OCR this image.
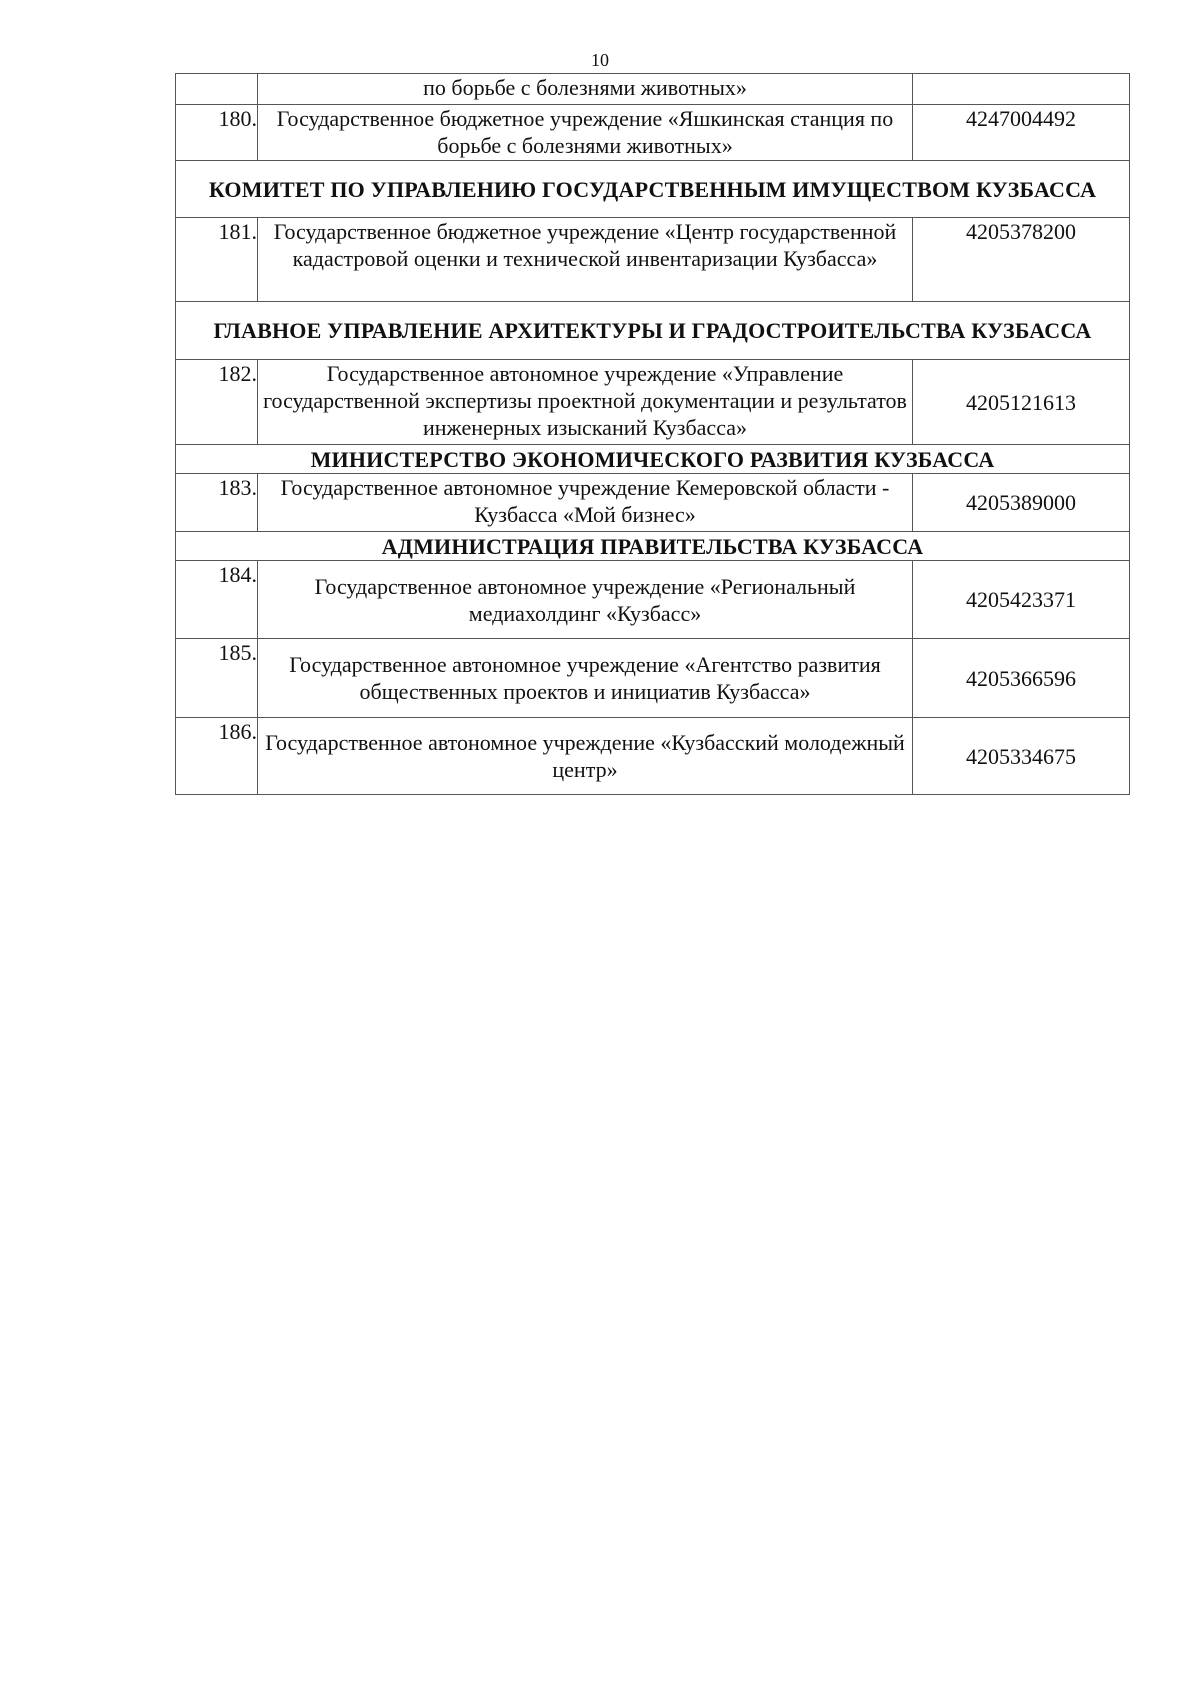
10
	по борьбе с болезнями животных»	
180.	Государственное бюджетное учреждение «Яшкинская станция по борьбе с болезнями животных»	4247004492
КОМИТЕТ ПО УПРАВЛЕНИЮ ГОСУДАРСТВЕННЫМ ИМУЩЕСТВОМ КУЗБАССА		
181.	Государственное бюджетное учреждение «Центр государственной кадастровой оценки и технической инвентаризации Кузбасса»	4205378200
ГЛАВНОЕ УПРАВЛЕНИЕ АРХИТЕКТУРЫ И ГРАДОСТРОИТЕЛЬСТВА КУЗБАССА		
182.	Государственное автономное учреждение «Управление государственной экспертизы проектной документации и результатов инженерных изысканий Кузбасса»	4205121613
МИНИСТЕРСТВО ЭКОНОМИЧЕСКОГО РАЗВИТИЯ КУЗБАССА		
183.	Государственное автономное учреждение Кемеровской области - Кузбасса «Мой бизнес»	4205389000
АДМИНИСТРАЦИЯ ПРАВИТЕЛЬСТВА КУЗБАССА		
184.	Государственное автономное учреждение «Региональный медиахолдинг «Кузбасс»	4205423371
185.	Государственное автономное учреждение «Агентство развития общественных проектов и инициатив Кузбасса»	4205366596
186.	Государственное автономное учреждение «Кузбасский молодежный центр»	4205334675
